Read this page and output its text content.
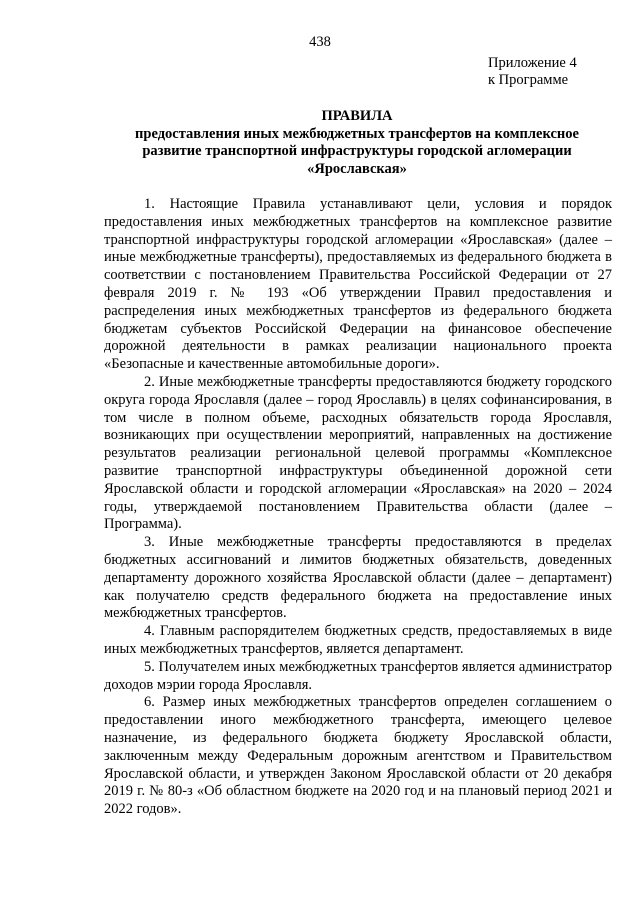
438
Приложение 4
к Программе
ПРАВИЛА
предоставления иных межбюджетных трансфертов на комплексное
развитие транспортной инфраструктуры городской агломерации
«Ярославская»

1. Настоящие Правила устанавливают цели, условия и порядок предоставления иных межбюджетных трансфертов на комплексное развитие транспортной инфраструктуры городской агломерации «Ярославская» (далее – иные межбюджетные трансферты), предоставляемых из федерального бюджета в соответствии с постановлением Правительства Российской Федерации от 27 февраля 2019 г. № 193 «Об утверждении Правил предоставления и распределения иных межбюджетных трансфертов из федерального бюджета бюджетам субъектов Российской Федерации на финансовое обеспечение дорожной деятельности в рамках реализации национального проекта «Безопасные и качественные автомобильные дороги».

2. Иные межбюджетные трансферты предоставляются бюджету городского округа города Ярославля (далее – город Ярославль) в целях софинансирования, в том числе в полном объеме, расходных обязательств города Ярославля, возникающих при осуществлении мероприятий, направленных на достижение результатов реализации региональной целевой программы «Комплексное развитие транспортной инфраструктуры объединенной дорожной сети Ярославской области и городской агломерации «Ярославская» на 2020 – 2024 годы, утверждаемой постановлением Правительства области (далее – Программа).

3. Иные межбюджетные трансферты предоставляются в пределах бюджетных ассигнований и лимитов бюджетных обязательств, доведенных департаменту дорожного хозяйства Ярославской области (далее – департамент) как получателю средств федерального бюджета на предоставление иных межбюджетных трансфертов.

4. Главным распорядителем бюджетных средств, предоставляемых в виде иных межбюджетных трансфертов, является департамент.

5. Получателем иных межбюджетных трансфертов является администратор доходов мэрии города Ярославля.

6. Размер иных межбюджетных трансфертов определен соглашением о предоставлении иного межбюджетного трансферта, имеющего целевое назначение, из федерального бюджета бюджету Ярославской области, заключенным между Федеральным дорожным агентством и Правительством Ярославской области, и утвержден Законом Ярославской области от 20 декабря 2019 г. № 80-з «Об областном бюджете на 2020 год и на плановый период 2021 и 2022 годов».
